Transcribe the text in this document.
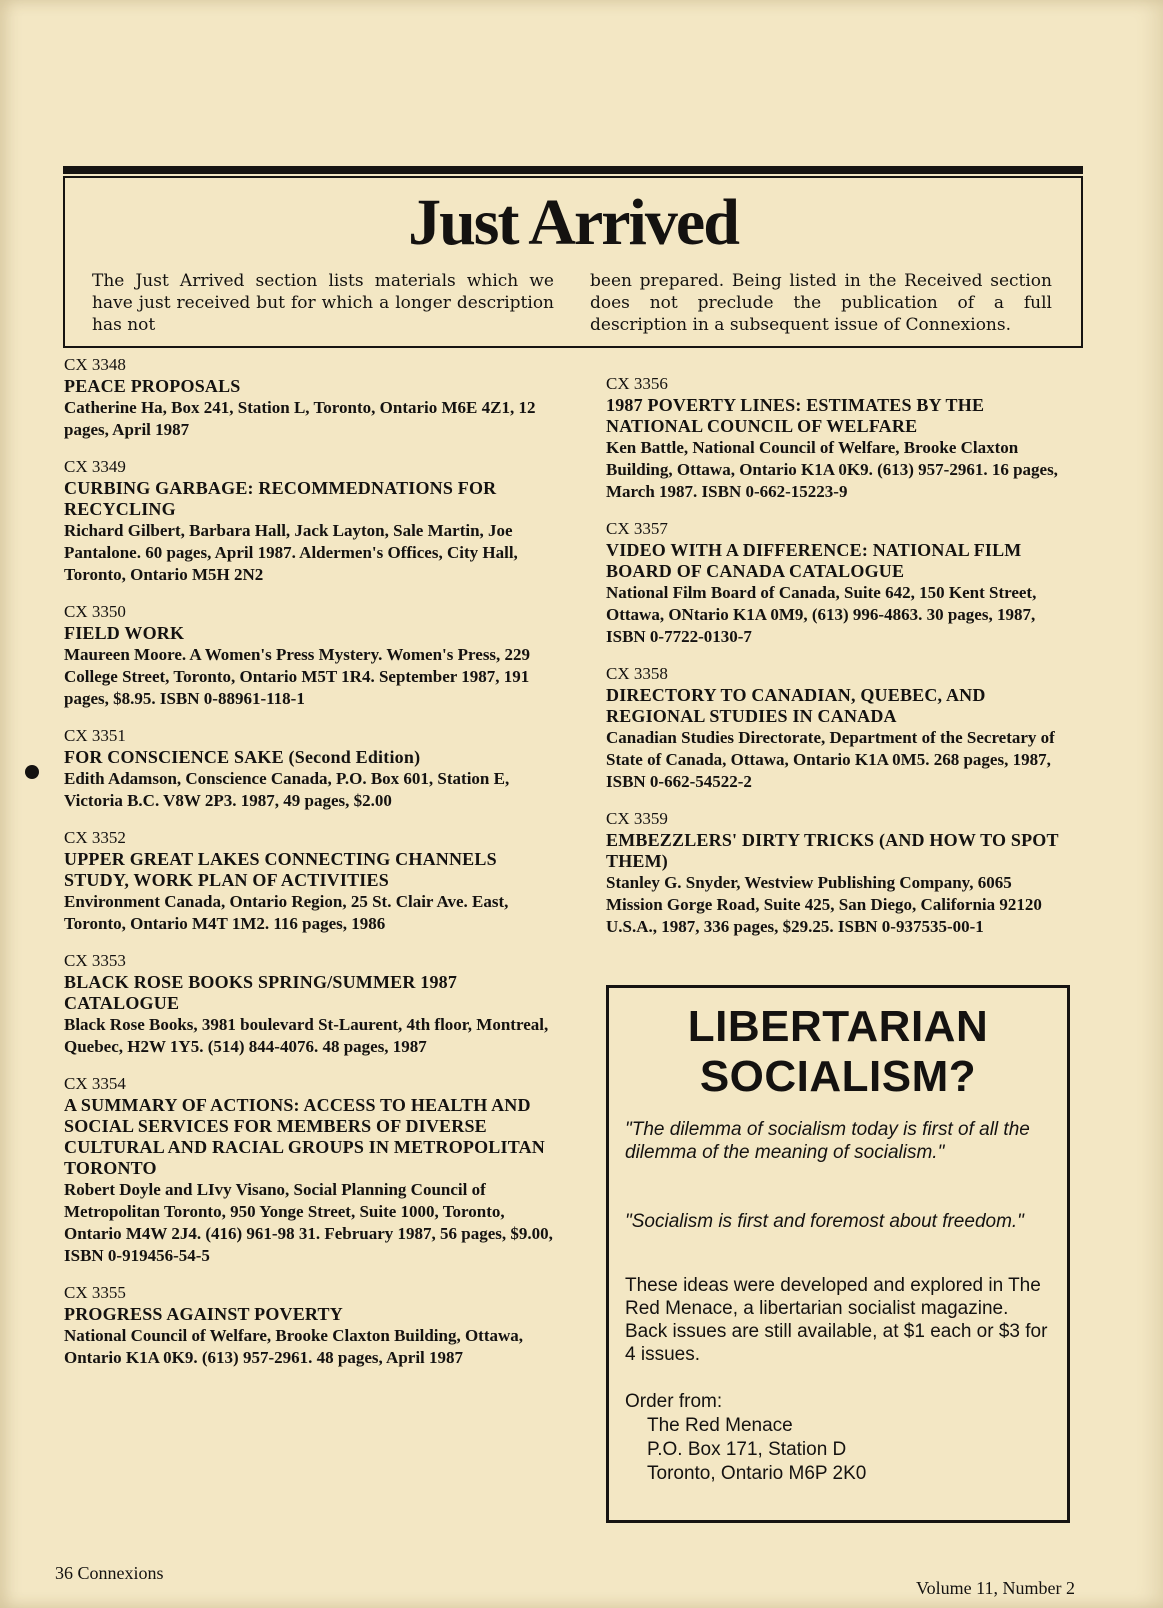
Just Arrived
The Just Arrived section lists materials which we have just received but for which a longer description has not
been prepared. Being listed in the Received section does not preclude the publication of a full description in a subsequent issue of Connexions.
CX 3348
PEACE PROPOSALS
Catherine Ha, Box 241, Station L, Toronto, Ontario M6E 4Z1, 12 pages, April 1987
CX 3349
CURBING GARBAGE: RECOMMEDNATIONS FOR RECYCLING
Richard Gilbert, Barbara Hall, Jack Layton, Sale Martin, Joe Pantalone. 60 pages, April 1987. Aldermen's Offices, City Hall, Toronto, Ontario M5H 2N2
CX 3350
FIELD WORK
Maureen Moore. A Women's Press Mystery. Women's Press, 229 College Street, Toronto, Ontario M5T 1R4. September 1987, 191 pages, $8.95. ISBN 0-88961-118-1
CX 3351
FOR CONSCIENCE SAKE (Second Edition)
Edith Adamson, Conscience Canada, P.O. Box 601, Station E, Victoria B.C. V8W 2P3. 1987, 49 pages, $2.00
CX 3352
UPPER GREAT LAKES CONNECTING CHANNELS STUDY, WORK PLAN OF ACTIVITIES
Environment Canada, Ontario Region, 25 St. Clair Ave. East, Toronto, Ontario M4T 1M2. 116 pages, 1986
CX 3353
BLACK ROSE BOOKS SPRING/SUMMER 1987 CATALOGUE
Black Rose Books, 3981 boulevard St-Laurent, 4th floor, Montreal, Quebec, H2W 1Y5. (514) 844-4076. 48 pages, 1987
CX 3354
A SUMMARY OF ACTIONS: ACCESS TO HEALTH AND SOCIAL SERVICES FOR MEMBERS OF DIVERSE CULTURAL AND RACIAL GROUPS IN METROPOLITAN TORONTO
Robert Doyle and LIvy Visano, Social Planning Council of Metropolitan Toronto, 950 Yonge Street, Suite 1000, Toronto, Ontario M4W 2J4. (416) 961-98 31. February 1987, 56 pages, $9.00, ISBN 0-919456-54-5
CX 3355
PROGRESS AGAINST POVERTY
National Council of Welfare, Brooke Claxton Building, Ottawa, Ontario K1A 0K9. (613) 957-2961. 48 pages, April 1987
CX 3356
1987 POVERTY LINES: ESTIMATES BY THE NATIONAL COUNCIL OF WELFARE
Ken Battle, National Council of Welfare, Brooke Claxton Building, Ottawa, Ontario K1A 0K9. (613) 957-2961. 16 pages, March 1987. ISBN 0-662-15223-9
CX 3357
VIDEO WITH A DIFFERENCE: NATIONAL FILM BOARD OF CANADA CATALOGUE
National Film Board of Canada, Suite 642, 150 Kent Street, Ottawa, ONtario K1A 0M9, (613) 996-4863. 30 pages, 1987, ISBN 0-7722-0130-7
CX 3358
DIRECTORY TO CANADIAN, QUEBEC, AND REGIONAL STUDIES IN CANADA
Canadian Studies Directorate, Department of the Secretary of State of Canada, Ottawa, Ontario K1A 0M5. 268 pages, 1987, ISBN 0-662-54522-2
CX 3359
EMBEZZLERS' DIRTY TRICKS (AND HOW TO SPOT THEM)
Stanley G. Snyder, Westview Publishing Company, 6065 Mission Gorge Road, Suite 425, San Diego, California 92120 U.S.A., 1987, 336 pages, $29.25. ISBN 0-937535-00-1
LIBERTARIAN
SOCIALISM?
"The dilemma of socialism today is first of all the dilemma of the meaning of socialism."
"Socialism is first and foremost about freedom."
These ideas were developed and explored in The Red Menace, a libertarian socialist magazine. Back issues are still available, at $1 each or $3 for 4 issues.
Order from:
The Red Menace
P.O. Box 171, Station D
Toronto, Ontario M6P 2K0
36 Connexions
Volume 11, Number 2
